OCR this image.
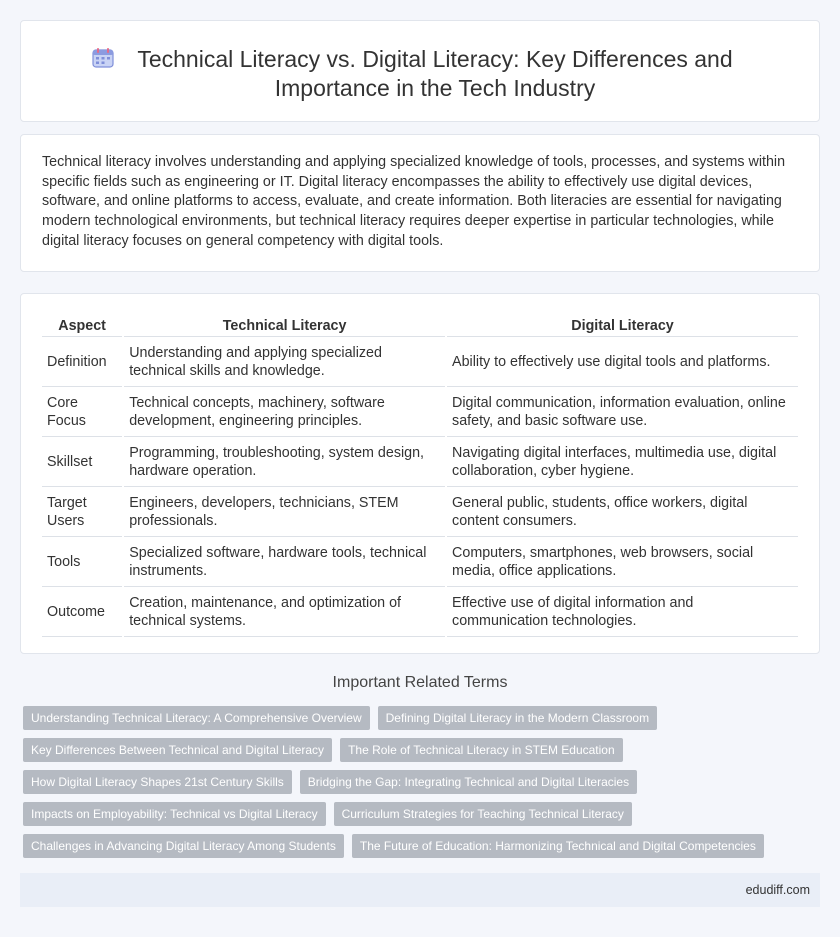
Technical Literacy vs. Digital Literacy: Key Differences and Importance in the Tech Industry

Technical literacy involves understanding and applying specialized knowledge of tools, processes, and systems within specific fields such as engineering or IT. Digital literacy encompasses the ability to effectively use digital devices, software, and online platforms to access, evaluate, and create information. Both literacies are essential for navigating modern technological environments, but technical literacy requires deeper expertise in particular technologies, while digital literacy focuses on general competency with digital tools.

Aspect	Technical Literacy	Digital Literacy
Definition	Understanding and applying specialized technical skills and knowledge.	Ability to effectively use digital tools and platforms.
Core Focus	Technical concepts, machinery, software development, engineering principles.	Digital communication, information evaluation, online safety, and basic software use.
Skillset	Programming, troubleshooting, system design, hardware operation.	Navigating digital interfaces, multimedia use, digital collaboration, cyber hygiene.
Target Users	Engineers, developers, technicians, STEM professionals.	General public, students, office workers, digital content consumers.
Tools	Specialized software, hardware tools, technical instruments.	Computers, smartphones, web browsers, social media, office applications.
Outcome	Creation, maintenance, and optimization of technical systems.	Effective use of digital information and communication technologies.
Important Related Terms
Understanding Technical Literacy: A Comprehensive Overview	Defining Digital Literacy in the Modern Classroom
Key Differences Between Technical and Digital Literacy	The Role of Technical Literacy in STEM Education
How Digital Literacy Shapes 21st Century Skills	Bridging the Gap: Integrating Technical and Digital Literacies
Impacts on Employability: Technical vs Digital Literacy	Curriculum Strategies for Teaching Technical Literacy
Challenges in Advancing Digital Literacy Among Students	The Future of Education: Harmonizing Technical and Digital Competencies
edudiff.com
